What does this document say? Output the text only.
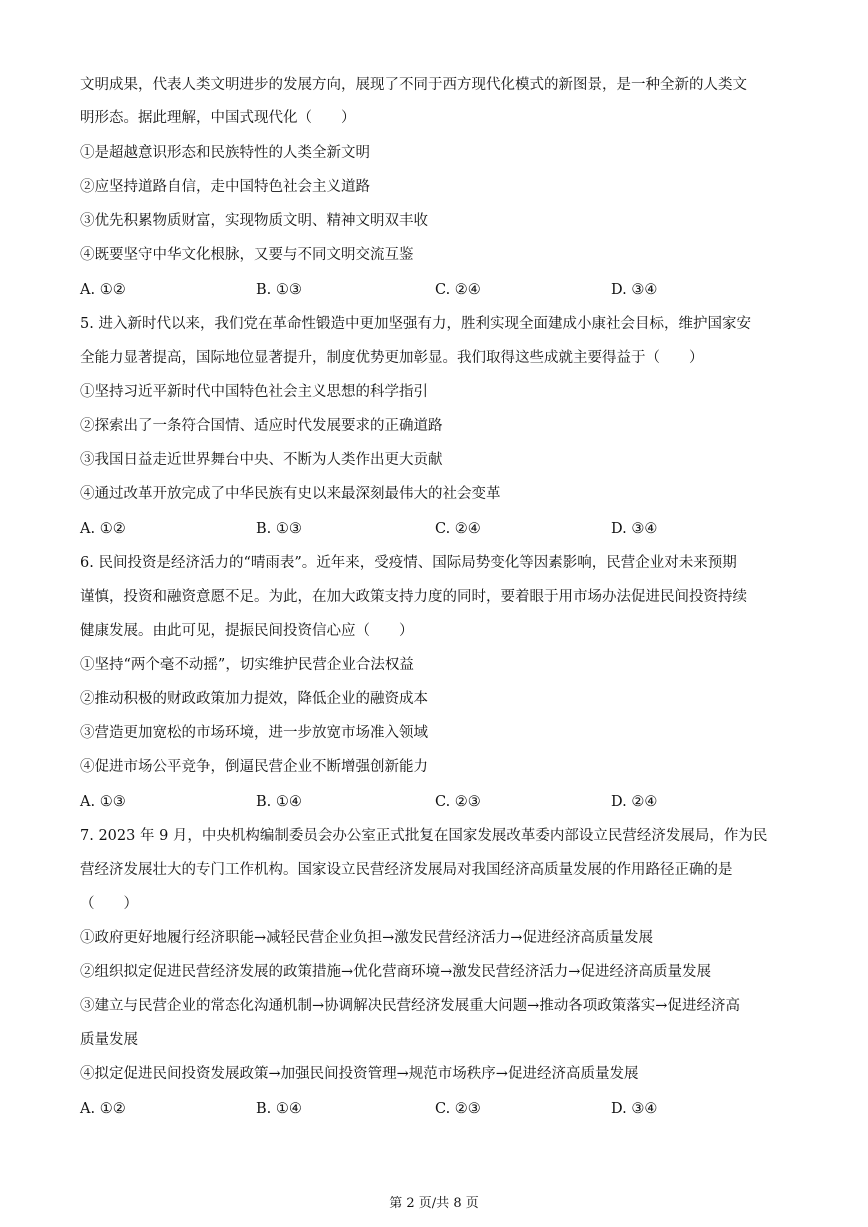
文明成果，代表人类文明进步的发展方向，展现了不同于西方现代化模式的新图景，是一种全新的人类文
明形态。据此理解，中国式现代化（　　）
①是超越意识形态和民族特性的人类全新文明
②应坚持道路自信，走中国特色社会主义道路
③优先积累物质财富，实现物质文明、精神文明双丰收
④既要坚守中华文化根脉，又要与不同文明交流互鉴
A. ①②	B. ①③	C. ②④	D. ③④
5. 进入新时代以来，我们党在革命性锻造中更加坚强有力，胜利实现全面建成小康社会目标，维护国家安
全能力显著提高，国际地位显著提升，制度优势更加彰显。我们取得这些成就主要得益于（　　）
①坚持习近平新时代中国特色社会主义思想的科学指引
②探索出了一条符合国情、适应时代发展要求的正确道路
③我国日益走近世界舞台中央、不断为人类作出更大贡献
④通过改革开放完成了中华民族有史以来最深刻最伟大的社会变革
A. ①②	B. ①③	C. ②④	D. ③④
6. 民间投资是经济活力的“晴雨表”。近年来，受疫情、国际局势变化等因素影响，民营企业对未来预期
谨慎，投资和融资意愿不足。为此，在加大政策支持力度的同时，要着眼于用市场办法促进民间投资持续
健康发展。由此可见，提振民间投资信心应（　　）
①坚持“两个毫不动摇”，切实维护民营企业合法权益
②推动积极的财政政策加力提效，降低企业的融资成本
③营造更加宽松的市场环境，进一步放宽市场准入领域
④促进市场公平竞争，倒逼民营企业不断增强创新能力
A. ①③	B. ①④	C. ②③	D. ②④
7. 2023 年 9 月，中央机构编制委员会办公室正式批复在国家发展改革委内部设立民营经济发展局，作为民
营经济发展壮大的专门工作机构。国家设立民营经济发展局对我国经济高质量发展的作用路径正确的是
（　　）
①政府更好地履行经济职能→减轻民营企业负担→激发民营经济活力→促进经济高质量发展
②组织拟定促进民营经济发展的政策措施→优化营商环境→激发民营经济活力→促进经济高质量发展
③建立与民营企业的常态化沟通机制→协调解决民营经济发展重大问题→推动各项政策落实→促进经济高
质量发展
④拟定促进民间投资发展政策→加强民间投资管理→规范市场秩序→促进经济高质量发展
A. ①②	B. ①④	C. ②③	D. ③④
第 2 页/共 8 页
